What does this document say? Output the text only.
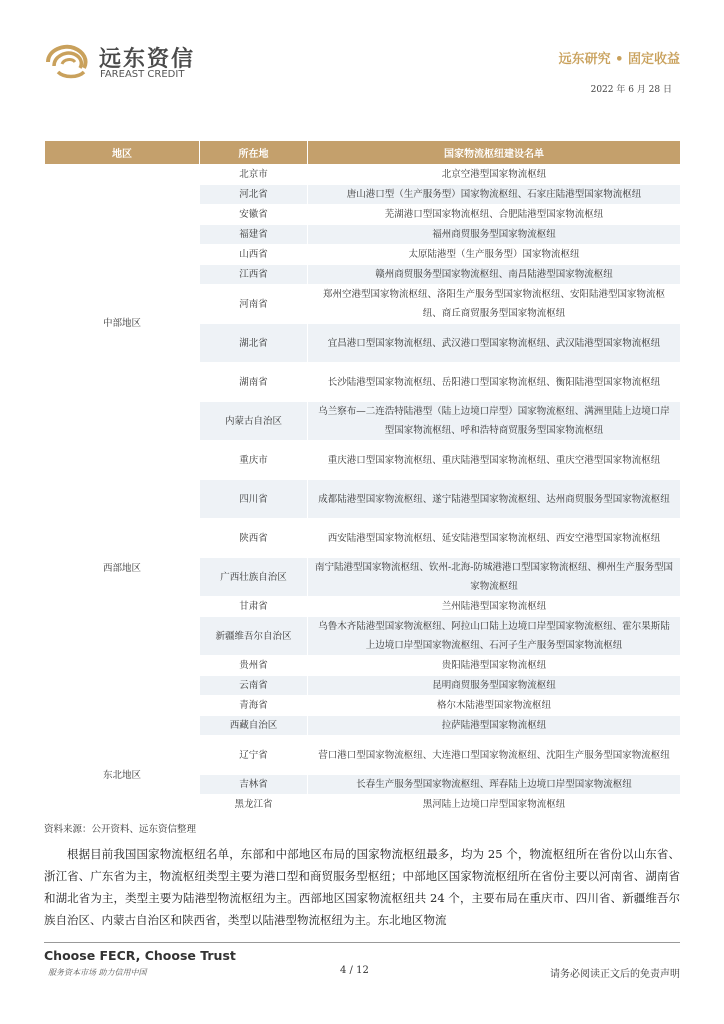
远东资信
FAREAST CREDIT
远东研究 • 固定收益
2022 年 6 月 28 日
地区	所在地	国家物流枢纽建设名单
	北京市	北京空港型国家物流枢纽
	河北省	唐山港口型（生产服务型）国家物流枢纽、石家庄陆港型国家物流枢纽
	安徽省	芜湖港口型国家物流枢纽、合肥陆港型国家物流枢纽
	福建省	福州商贸服务型国家物流枢纽
中部地区	山西省	太原陆港型（生产服务型）国家物流枢纽
	江西省	赣州商贸服务型国家物流枢纽、南昌陆港型国家物流枢纽
	河南省	郑州空港型国家物流枢纽、洛阳生产服务型国家物流枢纽、安阳陆港型国家物流枢纽、商丘商贸服务型国家物流枢纽
	湖北省	宜昌港口型国家物流枢纽、武汉港口型国家物流枢纽、武汉陆港型国家物流枢纽
	湖南省	长沙陆港型国家物流枢纽、岳阳港口型国家物流枢纽、衡阳陆港型国家物流枢纽
西部地区	内蒙古自治区	乌兰察布—二连浩特陆港型（陆上边境口岸型）国家物流枢纽、满洲里陆上边境口岸型国家物流枢纽、呼和浩特商贸服务型国家物流枢纽
	重庆市	重庆港口型国家物流枢纽、重庆陆港型国家物流枢纽、重庆空港型国家物流枢纽
	四川省	成都陆港型国家物流枢纽、遂宁陆港型国家物流枢纽、达州商贸服务型国家物流枢纽
	陕西省	西安陆港型国家物流枢纽、延安陆港型国家物流枢纽、西安空港型国家物流枢纽
	广西壮族自治区	南宁陆港型国家物流枢纽、钦州-北海-防城港港口型国家物流枢纽、柳州生产服务型国家物流枢纽
	甘肃省	兰州陆港型国家物流枢纽
	新疆维吾尔自治区	乌鲁木齐陆港型国家物流枢纽、阿拉山口陆上边境口岸型国家物流枢纽、霍尔果斯陆上边境口岸型国家物流枢纽、石河子生产服务型国家物流枢纽
	贵州省	贵阳陆港型国家物流枢纽
	云南省	昆明商贸服务型国家物流枢纽
	青海省	格尔木陆港型国家物流枢纽
	西藏自治区	拉萨陆港型国家物流枢纽
东北地区	辽宁省	营口港口型国家物流枢纽、大连港口型国家物流枢纽、沈阳生产服务型国家物流枢纽
	吉林省	长春生产服务型国家物流枢纽、珲春陆上边境口岸型国家物流枢纽
	黑龙江省	黑河陆上边境口岸型国家物流枢纽
资料来源：公开资料、远东资信整理

根据目前我国国家物流枢纽名单，东部和中部地区布局的国家物流枢纽最多，均为 25 个，物流枢纽所在省份以山东省、浙江省、广东省为主，物流枢纽类型主要为港口型和商贸服务型枢纽；中部地区国家物流枢纽所在省份主要以河南省、湖南省和湖北省为主，类型主要为陆港型物流枢纽为主。西部地区国家物流枢纽共 24 个，主要布局在重庆市、四川省、新疆维吾尔族自治区、内蒙古自治区和陕西省，类型以陆港型物流枢纽为主。东北地区物流

Choose FECR, Choose Trust
服务资本市场 助力信用中国	4 / 12	请务必阅读正文后的免责声明
